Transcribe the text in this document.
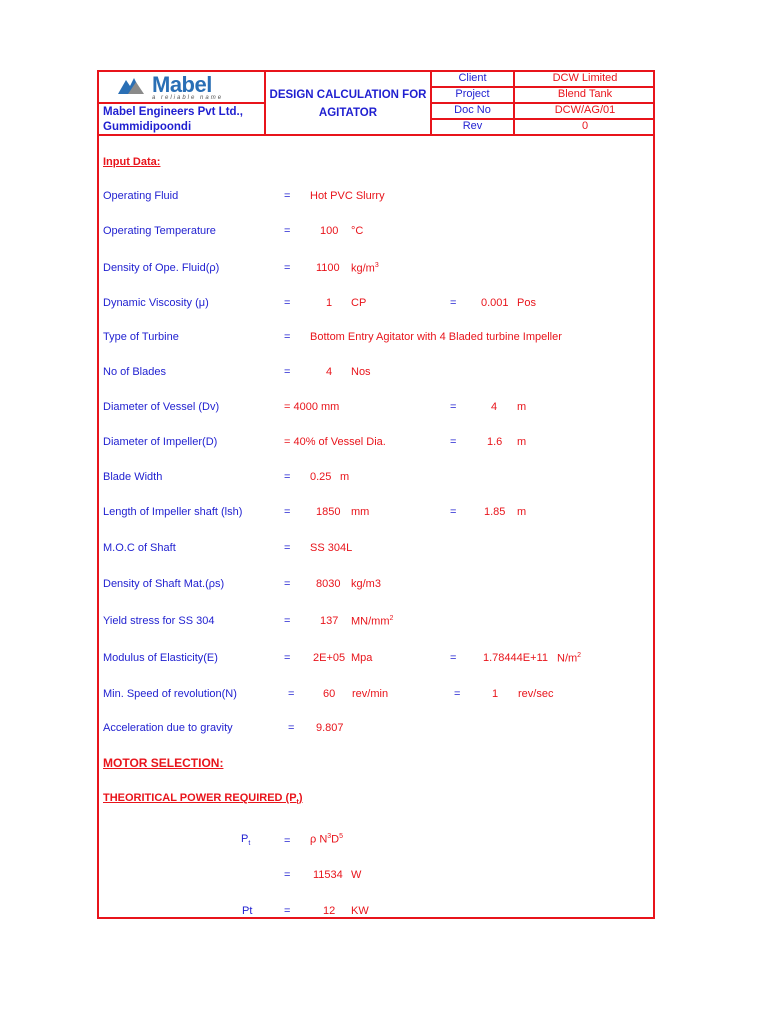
Mabel
a reliable name
Mabel Engineers Pvt Ltd.,
Gummidipoondi
DESIGN CALCULATION FOR
AGITATOR
Client	DCW Limited
Project	Blend Tank
Doc No	DCW/AG/01
Rev	0
Input Data:
Operating Fluid	= Hot PVC Slurry
Operating Temperature	=	100 °C
Density of Ope. Fluid(ρ)	= 1100 $kg/m^3$
Dynamic Viscosity (μ)	=	1 CP	= 0.001 Pos
Type of Turbine	= Bottom Entry Agitator with 4 Bladed turbine Impeller
No of Blades	=	4 Nos
Diameter of Vessel (Dv)	= 4000 mm	=	4 m
Diameter of Impeller(D)	= 40% of Vessel Dia.	=	1.6 m
Blade Width	= 0.25 m
Length of Impeller shaft (lsh)	= 1850 mm	=	1.85 m
M.O.C of Shaft	= SS 304L
Density of Shaft Mat.(ρs)	= 8030 kg/m3
Yield stress for SS 304	=	137 $MN/mm^2$
Modulus of Elasticity(E)	= 2E+05 Mpa	= 1.78444E+11 $N/m^2$
Min. Speed of revolution(N)	=	60 rev/min	=	1 rev/sec
Acceleration due to gravity	= 9.807
MOTOR SELECTION:
THEORITICAL POWER REQUIRED $(P_t)$
$P_t$	= ρ $N^3D^5$
= 11534 W
Pt	=	12 KW
